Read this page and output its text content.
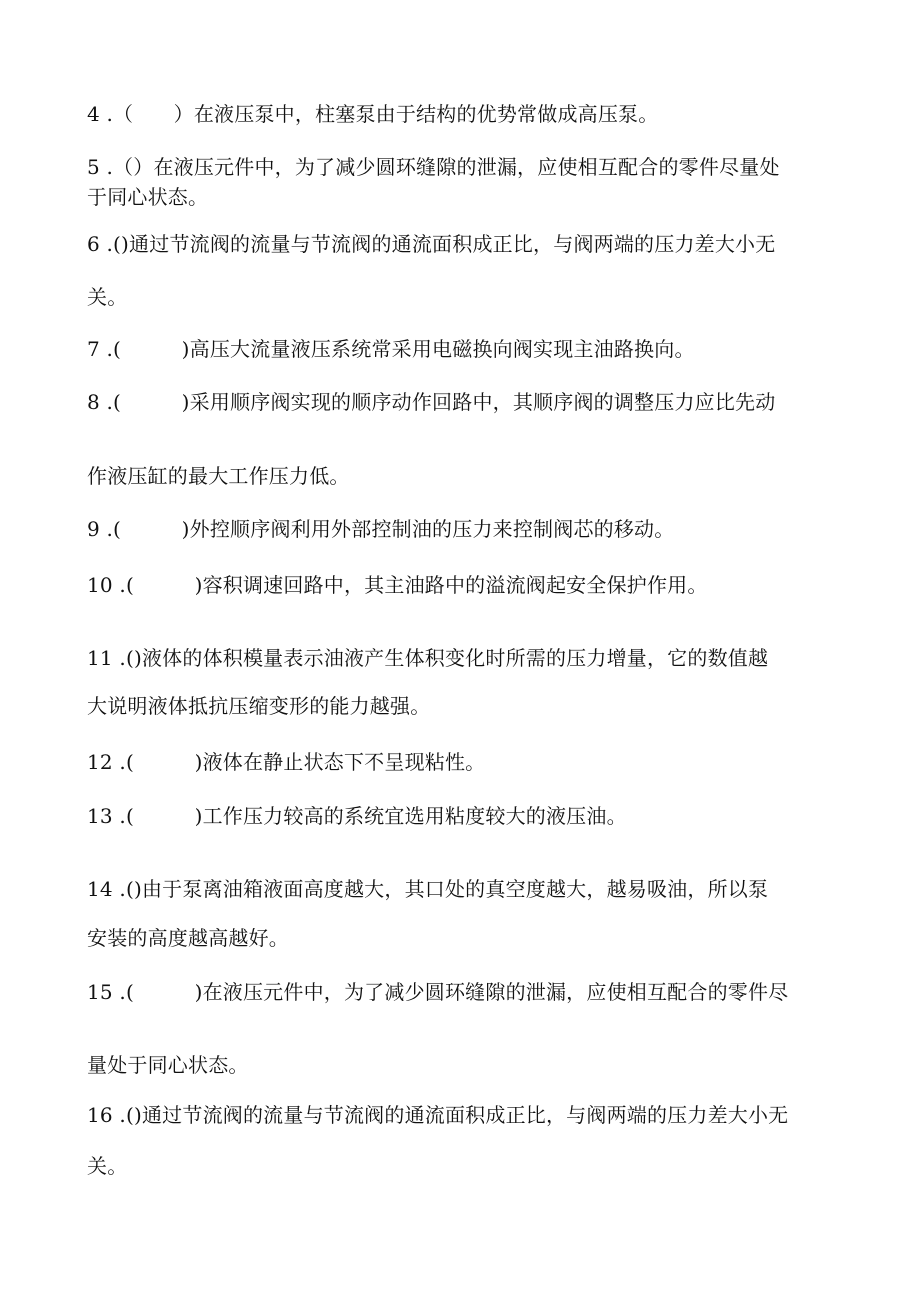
4 .（　　）在液压泵中，柱塞泵由于结构的优势常做成高压泵。
5 .（）在液压元件中，为了减少圆环缝隙的泄漏，应使相互配合的零件尽量处
于同心状态。
6 .()通过节流阀的流量与节流阀的通流面积成正比，与阀两端的压力差大小无
关。
7 .(　　　)高压大流量液压系统常采用电磁换向阀实现主油路换向。
8 .(　　　)采用顺序阀实现的顺序动作回路中，其顺序阀的调整压力应比先动
作液压缸的最大工作压力低。
9 .(　　　)外控顺序阀利用外部控制油的压力来控制阀芯的移动。
10 .(　　　)容积调速回路中，其主油路中的溢流阀起安全保护作用。
11 .()液体的体积模量表示油液产生体积变化时所需的压力增量，它的数值越
大说明液体抵抗压缩变形的能力越强。
12 .(　　　)液体在静止状态下不呈现粘性。
13 .(　　　)工作压力较高的系统宜选用粘度较大的液压油。
14 .()由于泵离油箱液面高度越大，其口处的真空度越大，越易吸油，所以泵
安装的高度越高越好。
15 .(　　　)在液压元件中，为了减少圆环缝隙的泄漏，应使相互配合的零件尽
量处于同心状态。
16 .()通过节流阀的流量与节流阀的通流面积成正比，与阀两端的压力差大小无
关。
